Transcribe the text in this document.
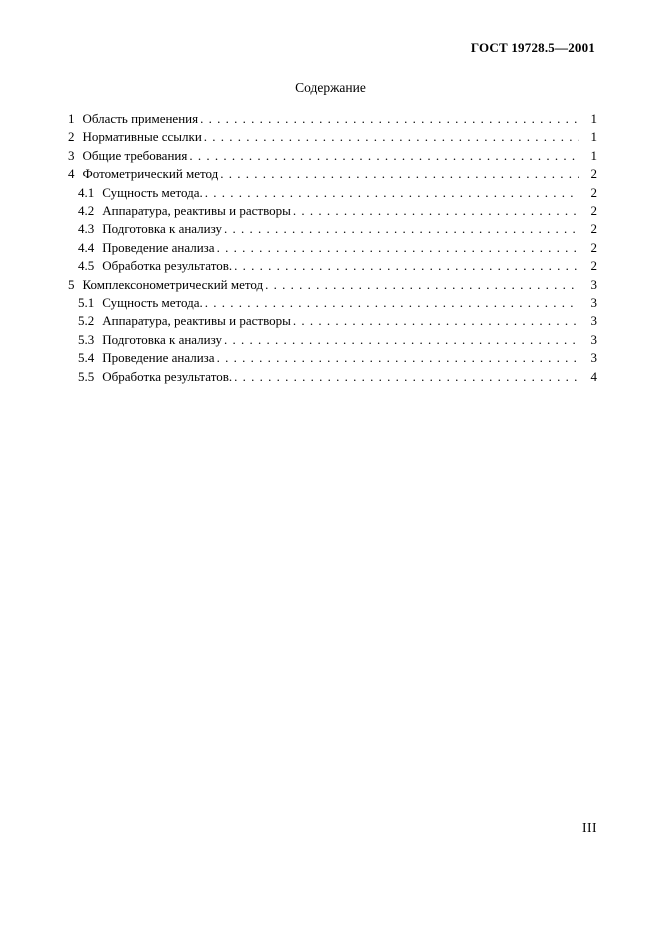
ГОСТ 19728.5—2001
Содержание
1 Область применения . . .	1
2 Нормативные ссылки . . .	1
3 Общие требования . . .	1
4 Фотометрический метод . . .	2
4.1 Сущность метода. . . .	2
4.2 Аппаратура, реактивы и растворы . . .	2
4.3 Подготовка к анализу . . .	2
4.4 Проведение анализа . . .	2
4.5 Обработка результатов. . . .	2
5 Комплексонометрический метод . . .	3
5.1 Сущность метода. . . .	3
5.2 Аппаратура, реактивы и растворы . . .	3
5.3 Подготовка к анализу . . .	3
5.4 Проведение анализа . . .	3
5.5 Обработка результатов. . . .	4
III
